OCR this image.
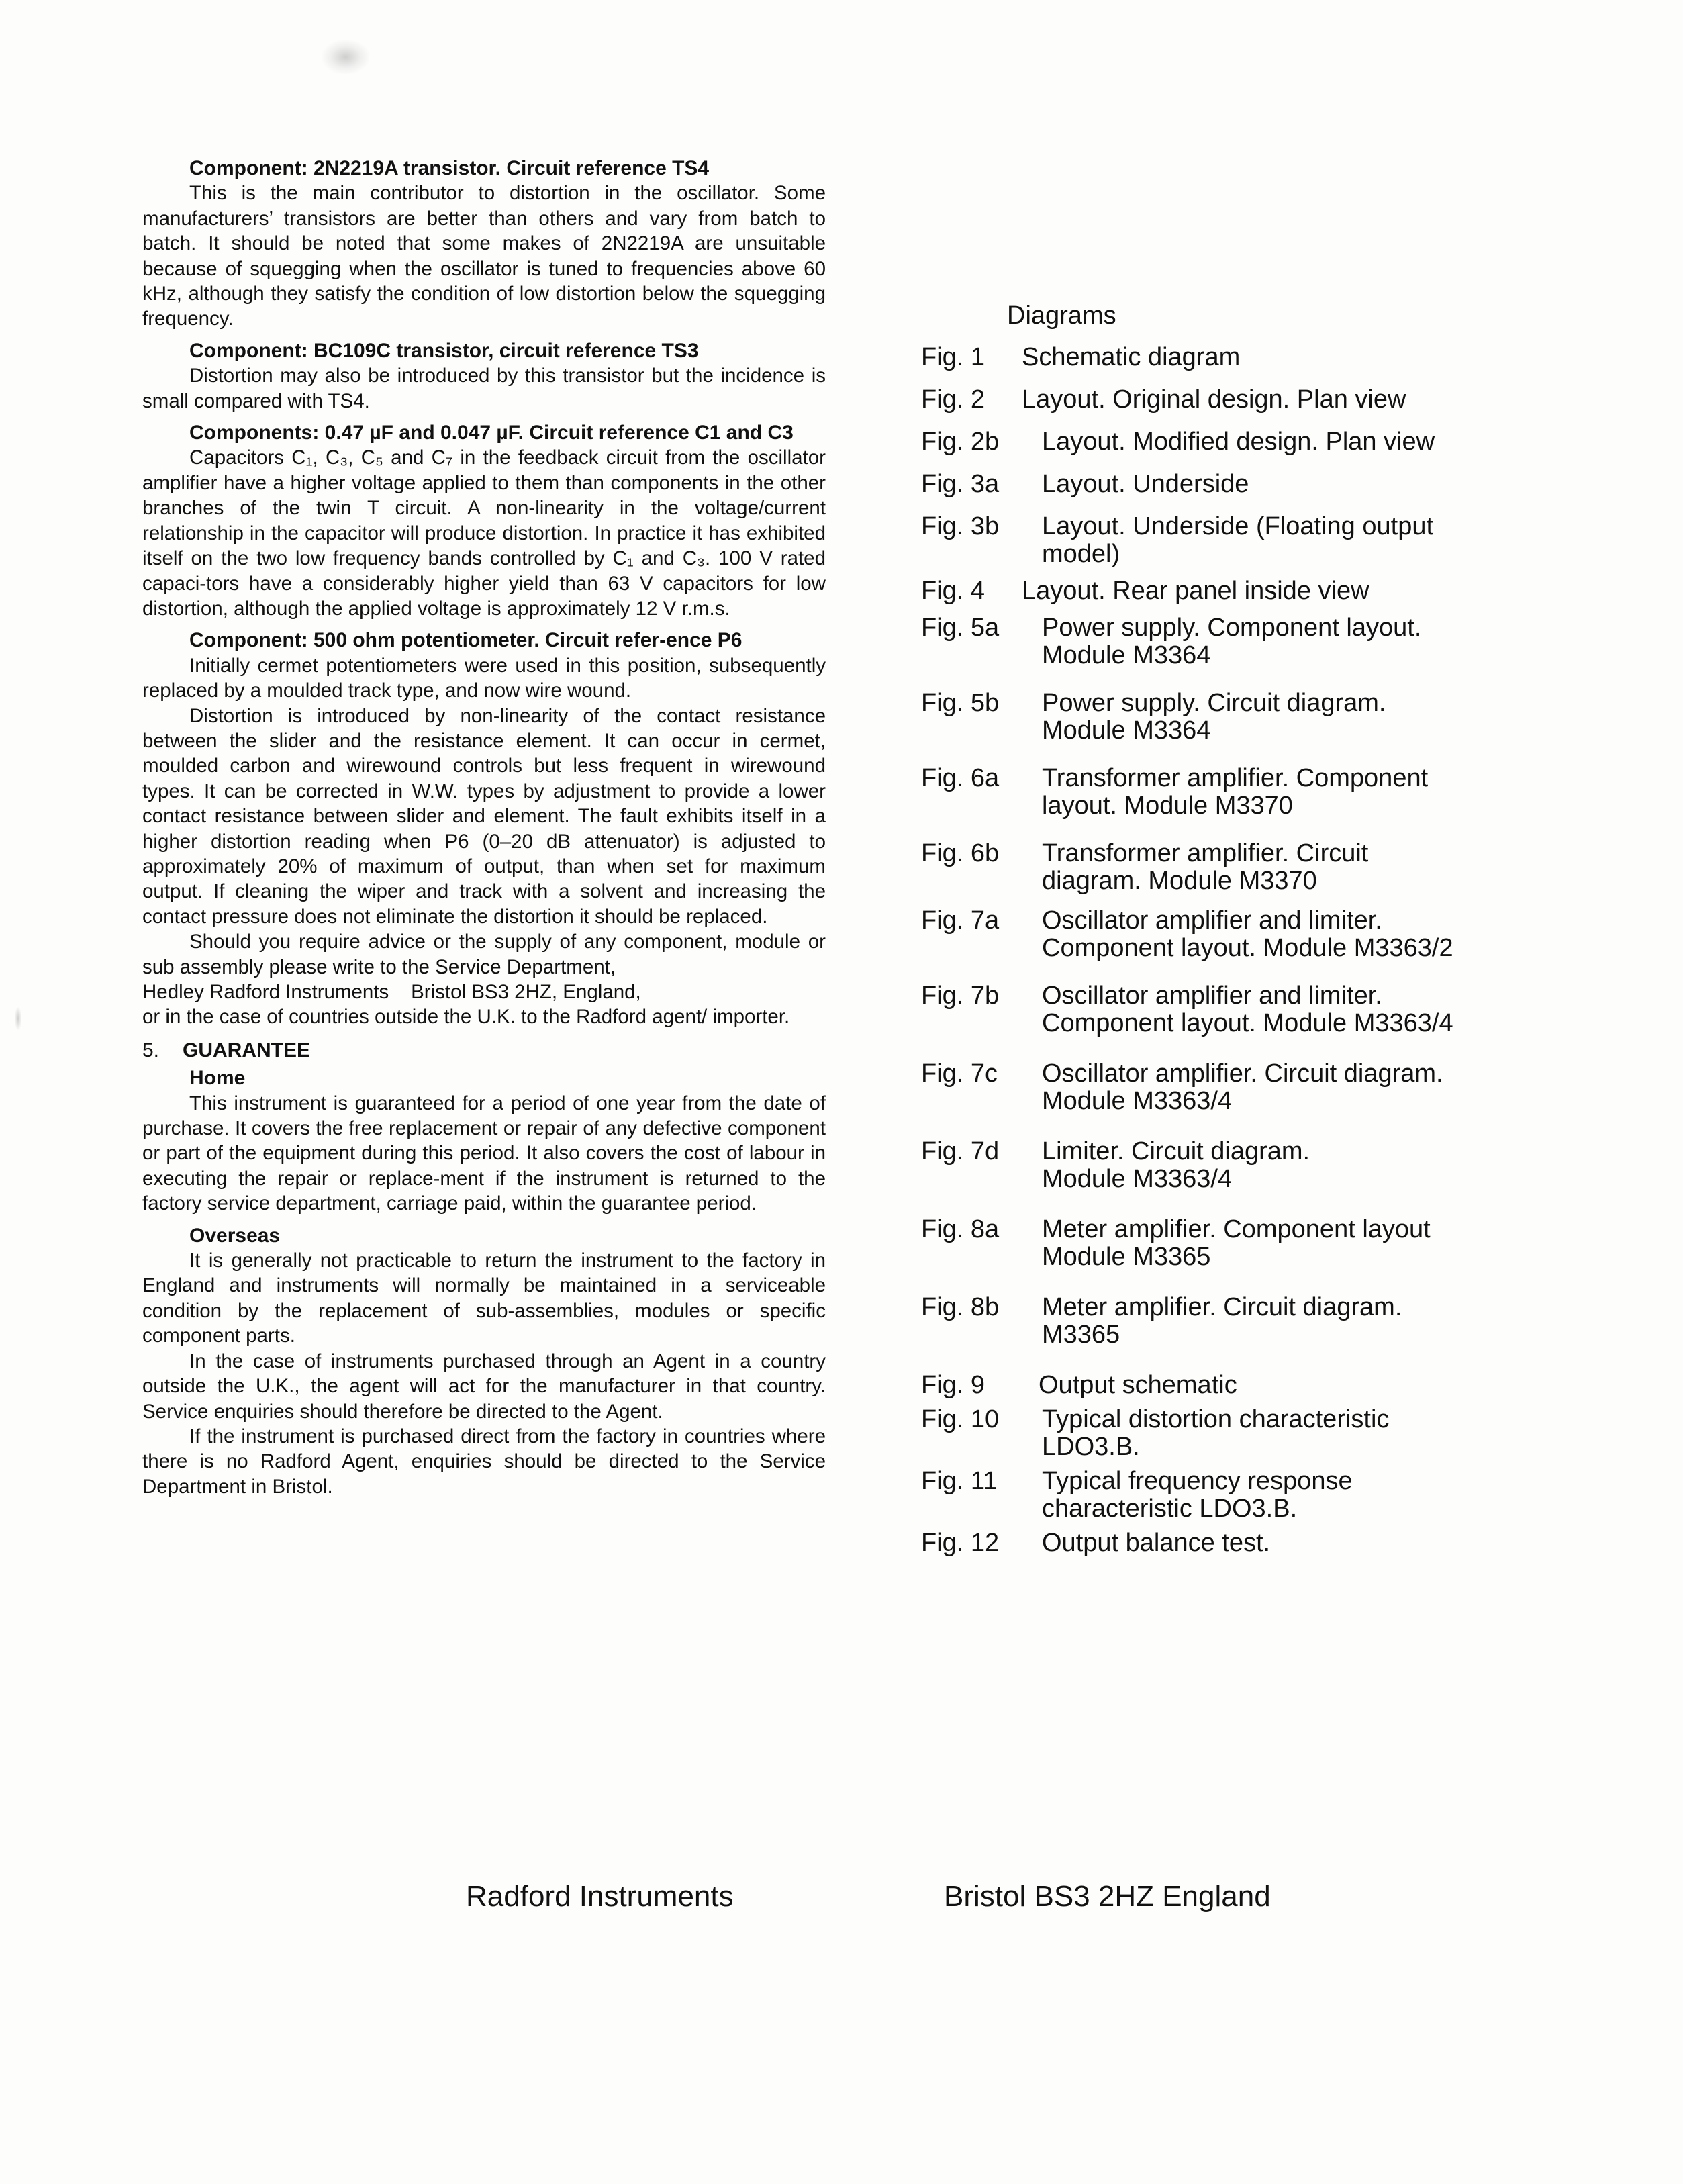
Component: 2N2219A transistor. Circuit reference TS4

This is the main contributor to distortion in the oscillator. Some manufacturers’ transistors are better than others and vary from batch to batch. It should be noted that some makes of 2N2219A are unsuitable because of squegging when the oscillator is tuned to frequencies above 60 kHz, although they satisfy the condition of low distortion below the squegging frequency.

Component: BC109C transistor, circuit reference TS3

Distortion may also be introduced by this transistor but the incidence is small compared with TS4.

Components: 0.47 µF and 0.047 µF. Circuit reference C1 and C3

Capacitors C₁, C₃, C₅ and C₇ in the feedback circuit from the oscillator amplifier have a higher voltage applied to them than components in the other branches of the twin T circuit. A non-linearity in the voltage/current relationship in the capacitor will produce distortion. In practice it has exhibited itself on the two low frequency bands controlled by C₁ and C₃. 100 V rated capaci-tors have a considerably higher yield than 63 V capacitors for low distortion, although the applied voltage is approximately 12 V r.m.s.

Component: 500 ohm potentiometer. Circuit refer-ence P6

Initially cermet potentiometers were used in this position, subsequently replaced by a moulded track type, and now wire wound.

Distortion is introduced by non-linearity of the contact resistance between the slider and the resistance element. It can occur in cermet, moulded carbon and wirewound controls but less frequent in wirewound types. It can be corrected in W.W. types by adjustment to provide a lower contact resistance between slider and element. The fault exhibits itself in a higher distortion reading when P6 (0–20 dB attenuator) is adjusted to approximately 20% of maximum of output, than when set for maximum output. If cleaning the wiper and track with a solvent and increasing the contact pressure does not eliminate the distortion it should be replaced.

Should you require advice or the supply of any component, module or sub assembly please write to the Service Department,

Hedley Radford Instruments    Bristol BS3 2HZ, England,

or in the case of countries outside the U.K. to the Radford agent/ importer.

5.	GUARANTEE
Home

This instrument is guaranteed for a period of one year from the date of purchase. It covers the free replacement or repair of any defective component or part of the equipment during this period. It also covers the cost of labour in executing the repair or replace-ment if the instrument is returned to the factory service department, carriage paid, within the guarantee period.

Overseas

It is generally not practicable to return the instrument to the factory in England and instruments will normally be maintained in a serviceable condition by the replacement of sub-assemblies, modules or specific component parts.

In the case of instruments purchased through an Agent in a country outside the U.K., the agent will act for the manufacturer in that country. Service enquiries should therefore be directed to the Agent.

If the instrument is purchased direct from the factory in countries where there is no Radford Agent, enquiries should be directed to the Service Department in Bristol.

Diagrams
Fig. 1	Schematic diagram
Fig. 2	Layout. Original design. Plan view
Fig. 2b	Layout. Modified design. Plan view
Fig. 3a	Layout. Underside
Fig. 3b	Layout. Underside (Floating output
model)
Fig. 4	Layout. Rear panel inside view
Fig. 5a	Power supply. Component layout.
Module M3364
Fig. 5b	Power supply. Circuit diagram.
Module M3364
Fig. 6a	Transformer amplifier. Component
layout. Module M3370
Fig. 6b	Transformer amplifier. Circuit
diagram. Module M3370
Fig. 7a	Oscillator amplifier and limiter.
Component layout. Module M3363/2
Fig. 7b	Oscillator amplifier and limiter.
Component layout. Module M3363/4
Fig. 7c	Oscillator amplifier. Circuit diagram.
Module M3363/4
Fig. 7d	Limiter. Circuit diagram.
Module M3363/4
Fig. 8a	Meter amplifier. Component layout
Module M3365
Fig. 8b	Meter amplifier. Circuit diagram.
M3365
Fig. 9	Output schematic
Fig. 10	Typical distortion characteristic
LDO3.B.
Fig. 11	Typical frequency response
characteristic LDO3.B.
Fig. 12	Output balance test.
Radford Instruments	Bristol BS3 2HZ England
